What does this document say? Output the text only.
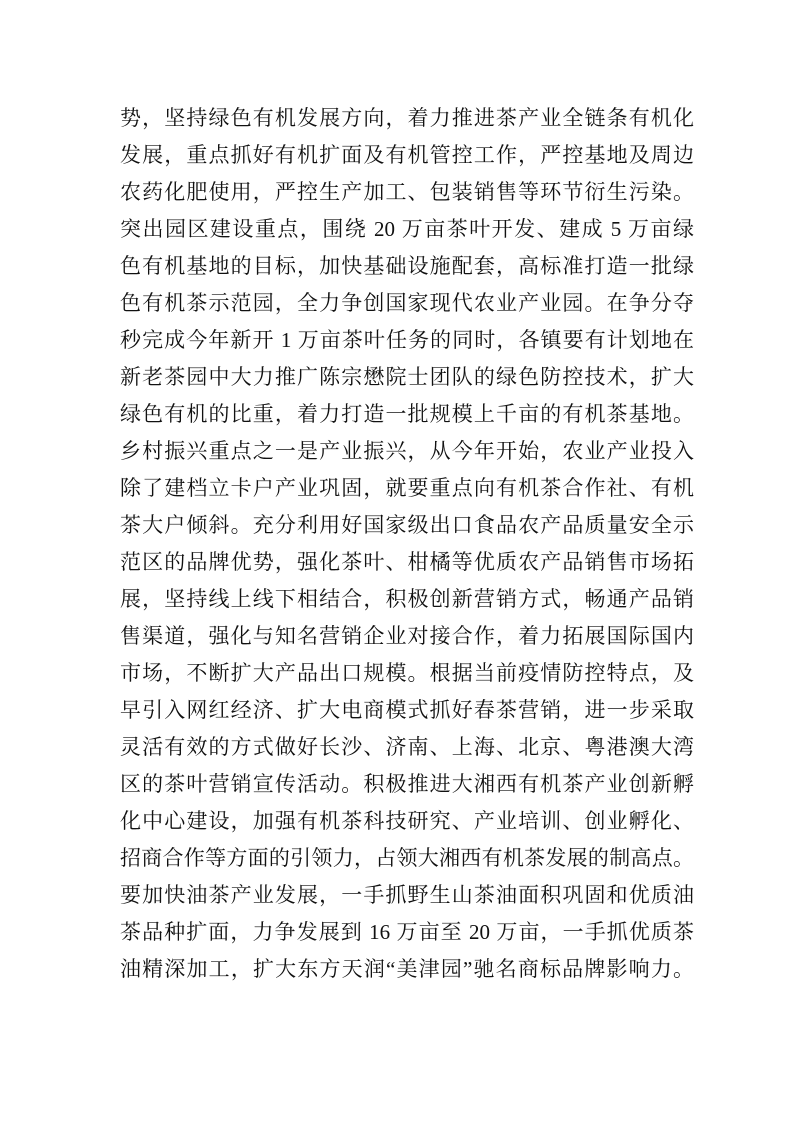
势，坚持绿色有机发展方向，着力推进茶产业全链条有机化
发展，重点抓好有机扩面及有机管控工作，严控基地及周边
农药化肥使用，严控生产加工、包装销售等环节衍生污染。
突出园区建设重点，围绕 20 万亩茶叶开发、建成 5 万亩绿
色有机基地的目标，加快基础设施配套，高标准打造一批绿
色有机茶示范园，全力争创国家现代农业产业园。在争分夺
秒完成今年新开 1 万亩茶叶任务的同时，各镇要有计划地在
新老茶园中大力推广陈宗懋院士团队的绿色防控技术，扩大
绿色有机的比重，着力打造一批规模上千亩的有机茶基地。
乡村振兴重点之一是产业振兴，从今年开始，农业产业投入
除了建档立卡户产业巩固，就要重点向有机茶合作社、有机
茶大户倾斜。充分利用好国家级出口食品农产品质量安全示
范区的品牌优势，强化茶叶、柑橘等优质农产品销售市场拓
展，坚持线上线下相结合，积极创新营销方式，畅通产品销
售渠道，强化与知名营销企业对接合作，着力拓展国际国内
市场，不断扩大产品出口规模。根据当前疫情防控特点，及
早引入网红经济、扩大电商模式抓好春茶营销，进一步采取
灵活有效的方式做好长沙、济南、上海、北京、粤港澳大湾
区的茶叶营销宣传活动。积极推进大湘西有机茶产业创新孵
化中心建设，加强有机茶科技研究、产业培训、创业孵化、
招商合作等方面的引领力，占领大湘西有机茶发展的制高点。
要加快油茶产业发展，一手抓野生山茶油面积巩固和优质油
茶品种扩面，力争发展到 16 万亩至 20 万亩，一手抓优质茶
油精深加工，扩大东方天润“美津园”驰名商标品牌影响力。
